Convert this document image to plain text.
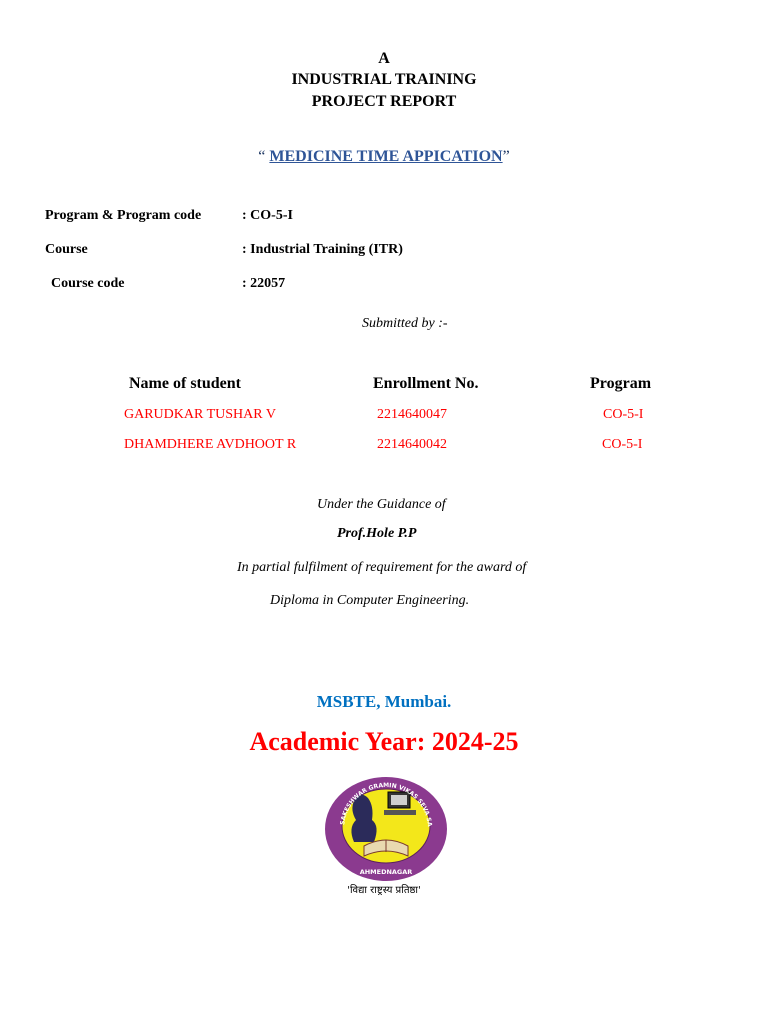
A
INDUSTRIAL TRAINING
PROJECT REPORT
“ MEDICINE TIME APPICATION”
Program & Program code	: CO-5-I
Course	: Industrial Training (ITR)
Course code	: 22057
Submitted by :-
Name of student	Enrollment No.	Program
GARUDKAR TUSHAR V	2214640047	CO-5-I
DHAMDHERE AVDHOOT R	2214640042	CO-5-I
Under the Guidance of
Prof.Hole P.P
In partial fulfilment of requirement for the award of
Diploma in Computer Engineering.
MSBTE, Mumbai.
Academic Year: 2024-25
SAKESHWAR GRAMIN VIKAS SEVA SA
AHMEDNAGAR
'विद्या राष्ट्रस्य प्रतिष्ठा'
